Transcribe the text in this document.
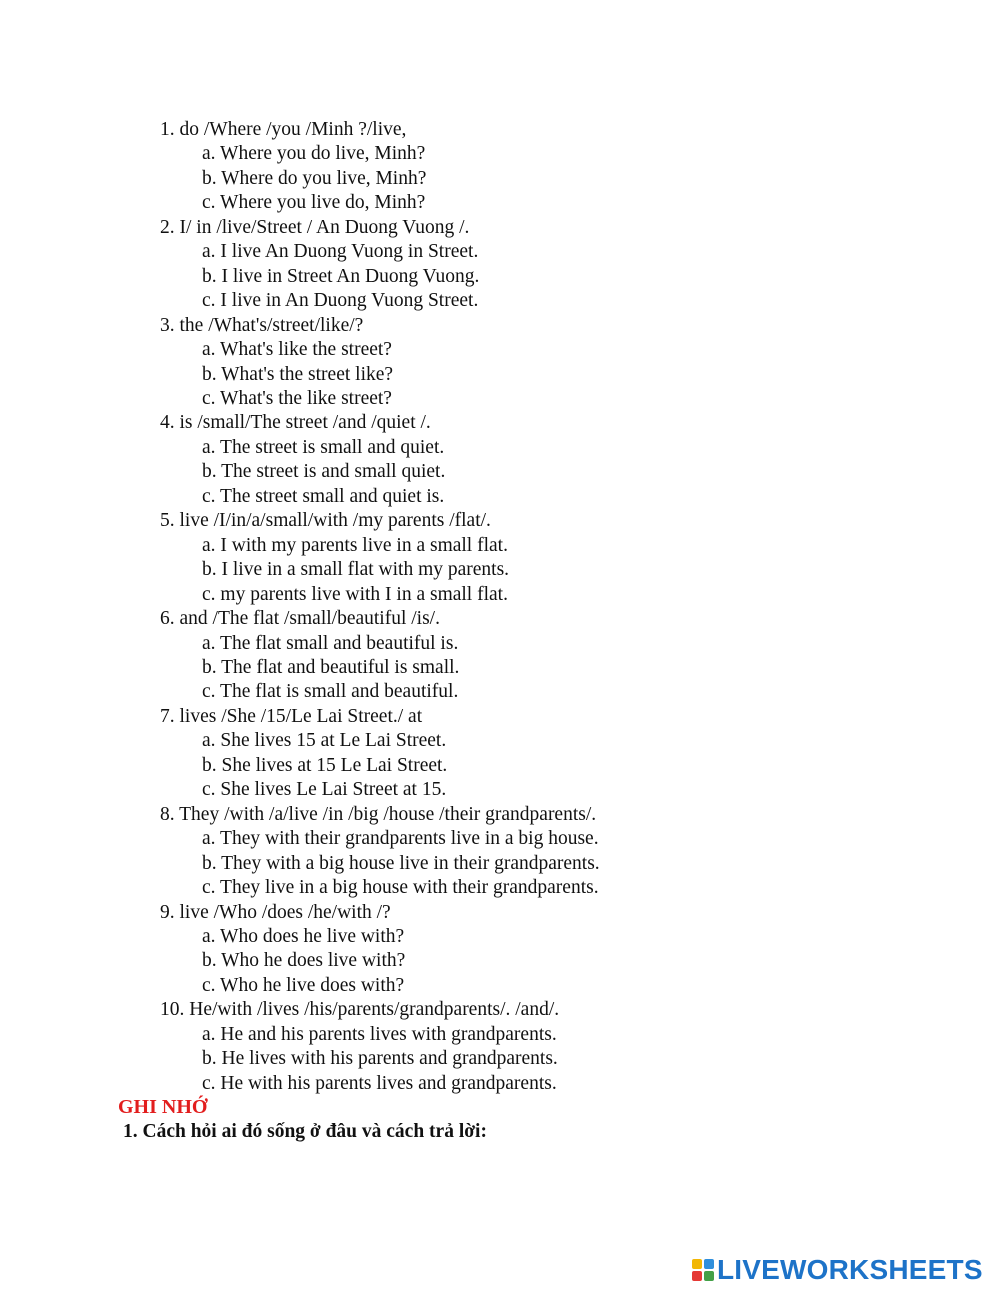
1. do /Where /you /Minh ?/live,
a. Where you do live, Minh?
b. Where do you live, Minh?
c. Where you live do, Minh?
2. I/ in /live/Street / An Duong Vuong /.
a. I live An Duong Vuong in Street.
b. I live in Street An Duong Vuong.
c. I live in An Duong Vuong Street.
3. the /What's/street/like/?
a. What's like the street?
b. What's the street like?
c. What's the like street?
4. is /small/The street /and /quiet /.
a. The street is small and quiet.
b. The street is and small quiet.
c. The street small and quiet is.
5. live /I/in/a/small/with /my parents /flat/.
a. I with my parents live in a small flat.
b. I live in a small flat with my parents.
c. my parents live with I in a small flat.
6. and /The flat /small/beautiful /is/.
a. The flat small and beautiful is.
b. The flat and beautiful is small.
c. The flat is small and beautiful.
7. lives /She /15/Le Lai Street./ at
a. She lives 15 at Le Lai Street.
b. She lives at 15 Le Lai Street.
c. She lives Le Lai Street at 15.
8. They /with /a/live /in /big /house /their grandparents/.
a. They with their grandparents live in a big house.
b. They with a big house live in their grandparents.
c. They live in a big house with their grandparents.
9. live /Who /does /he/with /?
a. Who does he live with?
b. Who he does live with?
c. Who he live does with?
10. He/with /lives /his/parents/grandparents/. /and/.
a. He and his parents lives with grandparents.
b. He lives with his parents and grandparents.
c. He with his parents lives and grandparents.
GHI NHỚ
1. Cách hỏi ai đó sống ở đâu và cách trả lời:
LIVEWORKSHEETS
